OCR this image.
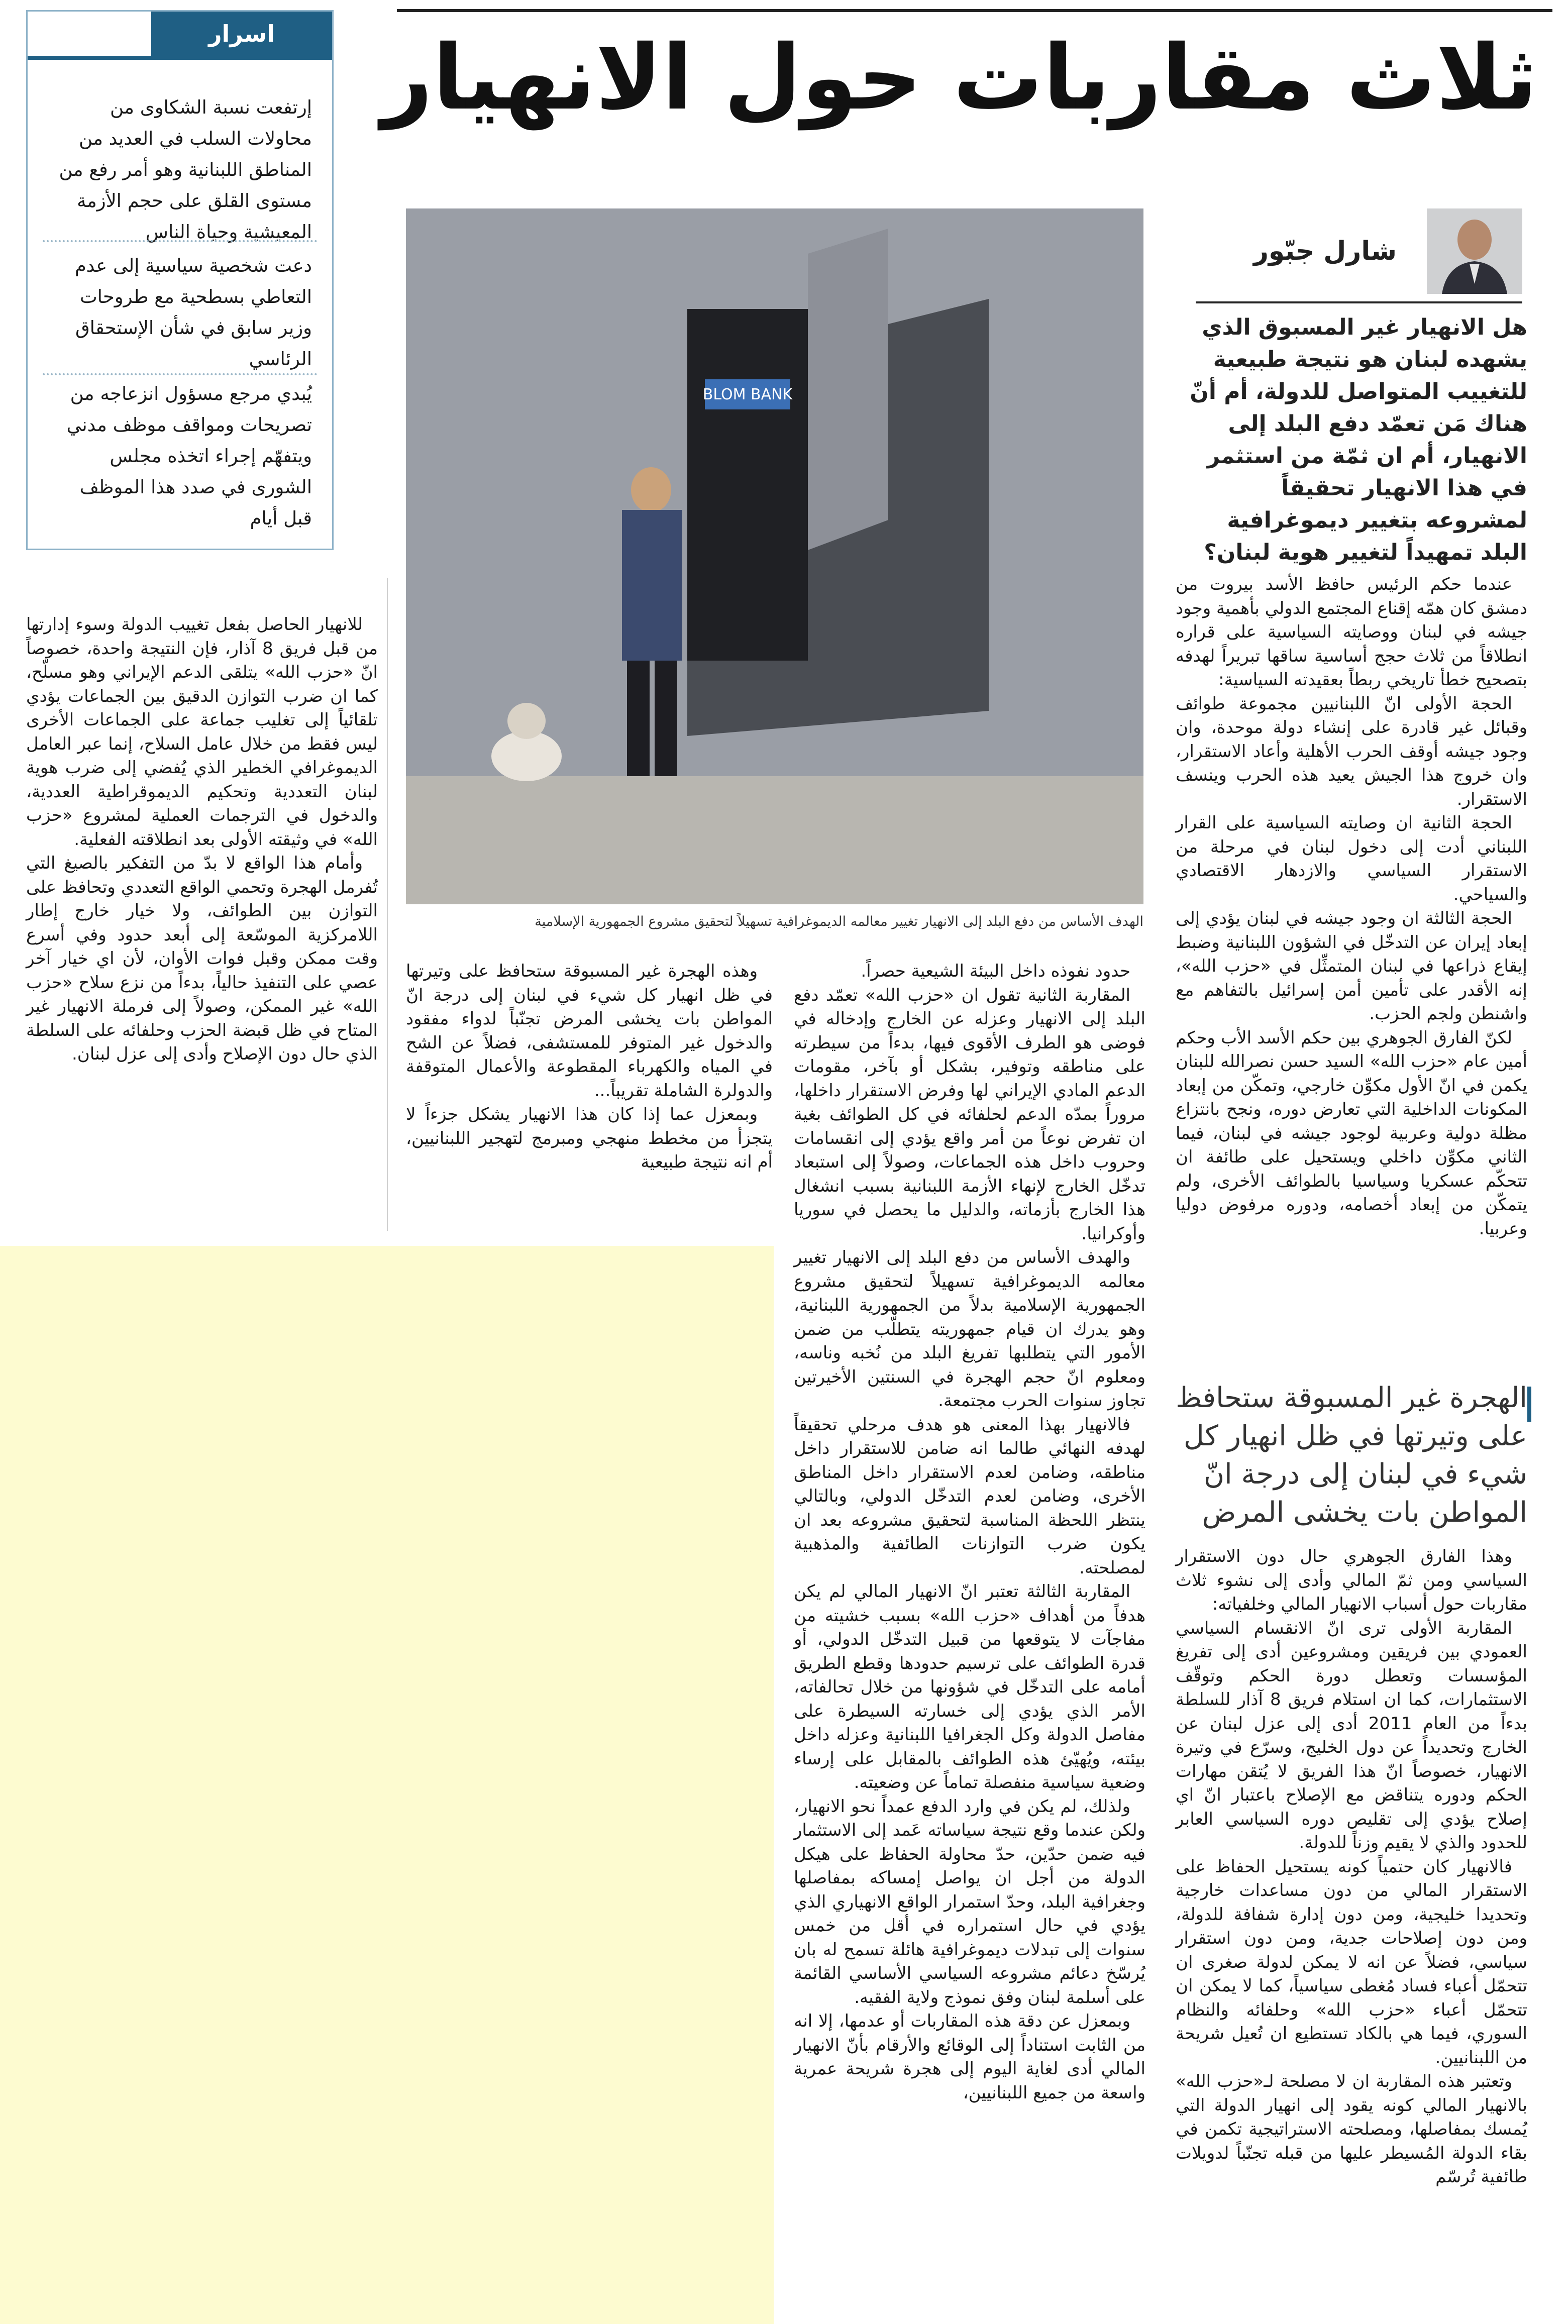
ثلاث مقاربات حول الانهيار
اسرار الجمهورية
إرتفعت نسبة الشكاوى من محاولات السلب في العديد من المناطق اللبنانية وهو أمر رفع من مستوى القلق على حجم الأزمة المعيشية وحياة الناس
دعت شخصية سياسية إلى عدم التعاطي بسطحية مع طروحات وزير سابق في شأن الإستحقاق الرئاسي
يُبدي مرجع مسؤول انزعاجه من تصريحات ومواقف موظف مدني ويتفهّم إجراء اتخذه مجلس الشورى في صدد هذا الموظف قبل أيام
شارل جبّور
هل الانهيار غير المسبوق الذي يشهده لبنان هو نتيجة طبيعية للتغييب المتواصل للدولة، أم أنّ هناك مَن تعمّد دفع البلد إلى الانهيار، أم ان ثمّة من استثمر في هذا الانهيار تحقيقاً لمشروعه بتغيير ديموغرافية البلد تمهيداً لتغيير هوية لبنان؟
BLOM BANK
الهدف الأساس من دفع البلد إلى الانهيار تغيير معالمه الديموغرافية تسهيلاً لتحقيق مشروع الجمهورية الإسلامية

عندما حكم الرئيس حافظ الأسد بيروت من دمشق كان همّه إقناع المجتمع الدولي بأهمية وجود جيشه في لبنان ووصايته السياسية على قراره انطلاقاً من ثلاث حجج أساسية ساقها تبريراً لهدفه بتصحيح خطأ تاريخي ربطاً بعقيدته السياسية:

الحجة الأولى انّ اللبنانيين مجموعة طوائف وقبائل غير قادرة على إنشاء دولة موحدة، وان وجود جيشه أوقف الحرب الأهلية وأعاد الاستقرار، وان خروج هذا الجيش يعيد هذه الحرب وينسف الاستقرار.

الحجة الثانية ان وصايته السياسية على القرار اللبناني أدت إلى دخول لبنان في مرحلة من الاستقرار السياسي والازدهار الاقتصادي والسياحي.

الحجة الثالثة ان وجود جيشه في لبنان يؤدي إلى إبعاد إيران عن التدخّل في الشؤون اللبنانية وضبط إيقاع ذراعها في لبنان المتمثِّل في «حزب الله»، إنه الأقدر على تأمين أمن إسرائيل بالتفاهم مع واشنطن ولجم الحزب.

لكنّ الفارق الجوهري بين حكم الأسد الأب وحكم أمين عام «حزب الله» السيد حسن نصرالله للبنان يكمن في انّ الأول مكوِّن خارجي، وتمكّن من إبعاد المكونات الداخلية التي تعارض دوره، ونجح بانتزاع مظلة دولية وعربية لوجود جيشه في لبنان، فيما الثاني مكوِّن داخلي ويستحيل على طائفة ان تتحكّم عسكريا وسياسيا بالطوائف الأخرى، ولم يتمكّن من إبعاد أخصامه، ودوره مرفوض دوليا وعربيا.

الهجرة غير المسبوقة ستحافظ على وتيرتها في ظل انهيار كل شيء في لبنان إلى درجة انّ المواطن بات يخشى المرض

وهذا الفارق الجوهري حال دون الاستقرار السياسي ومن ثمّ المالي وأدى إلى نشوء ثلاث مقاربات حول أسباب الانهيار المالي وخلفياته:

المقاربة الأولى ترى انّ الانقسام السياسي العمودي بين فريقين ومشروعين أدى إلى تفريغ المؤسسات وتعطل دورة الحكم وتوقّف الاستثمارات، كما ان استلام فريق 8 آذار للسلطة بدءاً من العام 2011 أدى إلى عزل لبنان عن الخارج وتحديداً عن دول الخليج، وسرّع في وتيرة الانهيار، خصوصاً انّ هذا الفريق لا يُتقن مهارات الحكم ودوره يتناقض مع الإصلاح باعتبار انّ اي إصلاح يؤدي إلى تقليص دوره السياسي العابر للحدود والذي لا يقيم وزناً للدولة.

فالانهيار كان حتمياً كونه يستحيل الحفاظ على الاستقرار المالي من دون مساعدات خارجية وتحديدا خليجية، ومن دون إدارة شفافة للدولة، ومن دون إصلاحات جدية، ومن دون استقرار سياسي، فضلاً عن انه لا يمكن لدولة صغرى ان تتحمّل أعباء فساد مُغطى سياسياً، كما لا يمكن ان تتحمّل أعباء «حزب الله» وحلفائه والنظام السوري، فيما هي بالكاد تستطيع ان تُعيل شريحة من اللبنانيين.

وتعتبر هذه المقاربة ان لا مصلحة لـ«حزب الله» بالانهيار المالي كونه يقود إلى انهيار الدولة التي يُمسك بمفاصلها، ومصلحته الاستراتيجية تكمن في بقاء الدولة المُسيطر عليها من قبله تجنّباً لدويلات طائفية تُرسّم

حدود نفوذه داخل البيئة الشيعية حصراً.

المقاربة الثانية تقول ان «حزب الله» تعمّد دفع البلد إلى الانهيار وعزله عن الخارج وإدخاله في فوضى هو الطرف الأقوى فيها، بدءاً من سيطرته على مناطقه وتوفير، بشكل أو بآخر، مقومات الدعم المادي الإيراني لها وفرض الاستقرار داخلها، مروراً بمدّه الدعم لحلفائه في كل الطوائف بغية ان تفرض نوعاً من أمر واقع يؤدي إلى انقسامات وحروب داخل هذه الجماعات، وصولاً إلى استبعاد تدخّل الخارج لإنهاء الأزمة اللبنانية بسبب انشغال هذا الخارج بأزماته، والدليل ما يحصل في سوريا وأوكرانيا.

والهدف الأساس من دفع البلد إلى الانهيار تغيير معالمه الديموغرافية تسهيلاً لتحقيق مشروع الجمهورية الإسلامية بدلاً من الجمهورية اللبنانية، وهو يدرك ان قيام جمهوريته يتطلّب من ضمن الأمور التي يتطلبها تفريغ البلد من نُخبه وناسه، ومعلوم انّ حجم الهجرة في السنتين الأخيرتين تجاوز سنوات الحرب مجتمعة.

فالانهيار بهذا المعنى هو هدف مرحلي تحقيقاً لهدفه النهائي طالما انه ضامن للاستقرار داخل مناطقه، وضامن لعدم الاستقرار داخل المناطق الأخرى، وضامن لعدم التدخّل الدولي، وبالتالي ينتظر اللحظة المناسبة لتحقيق مشروعه بعد ان يكون ضرب التوازنات الطائفية والمذهبية لمصلحته.

المقاربة الثالثة تعتبر انّ الانهيار المالي لم يكن هدفاً من أهداف «حزب الله» بسبب خشيته من مفاجآت لا يتوقعها من قبيل التدخّل الدولي، أو قدرة الطوائف على ترسيم حدودها وقطع الطريق أمامه على التدخّل في شؤونها من خلال تحالفاته، الأمر الذي يؤدي إلى خسارته السيطرة على مفاصل الدولة وكل الجغرافيا اللبنانية وعزله داخل بيئته، ويُهيّئ هذه الطوائف بالمقابل على إرساء وضعية سياسية منفصلة تماماً عن وضعيته.

ولذلك، لم يكن في وارد الدفع عمداً نحو الانهيار، ولكن عندما وقع نتيجة سياساته عَمد إلى الاستثمار فيه ضمن حدّين، حدّ محاولة الحفاظ على هيكل الدولة من أجل ان يواصل إمساكه بمفاصلها وجغرافية البلد، وحدّ استمرار الواقع الانهياري الذي يؤدي في حال استمراره في أقل من خمس سنوات إلى تبدلات ديموغرافية هائلة تسمح له بان يُرسّخ دعائم مشروعه السياسي الأساسي القائمة على أسلمة لبنان وفق نموذج ولاية الفقيه.

وبمعزل عن دقة هذه المقاربات أو عدمها، إلا انه من الثابت استناداً إلى الوقائع والأرقام بأنّ الانهيار المالي أدى لغاية اليوم إلى هجرة شريحة عمرية واسعة من جميع اللبنانيين،

وهذه الهجرة غير المسبوقة ستحافظ على وتيرتها في ظل انهيار كل شيء في لبنان إلى درجة انّ المواطن بات يخشى المرض تجنّباً لدواء مفقود والدخول غير المتوفر للمستشفى، فضلاً عن الشح في المياه والكهرباء المقطوعة والأعمال المتوقفة والدولرة الشاملة تقريباً...

وبمعزل عما إذا كان هذا الانهيار يشكل جزءاً لا يتجزأ من مخطط منهجي ومبرمج لتهجير اللبنانيين، أم انه نتيجة طبيعية

للانهيار الحاصل بفعل تغييب الدولة وسوء إدارتها من قبل فريق 8 آذار، فإن النتيجة واحدة، خصوصاً انّ «حزب الله» يتلقى الدعم الإيراني وهو مسلّح، كما ان ضرب التوازن الدقيق بين الجماعات يؤدي تلقائياً إلى تغليب جماعة على الجماعات الأخرى ليس فقط من خلال عامل السلاح، إنما عبر العامل الديموغرافي الخطير الذي يُفضي إلى ضرب هوية لبنان التعددية وتحكيم الديموقراطية العددية، والدخول في الترجمات العملية لمشروع «حزب الله» في وثيقته الأولى بعد انطلاقته الفعلية.

وأمام هذا الواقع لا بدّ من التفكير بالصيغ التي تُفرمل الهجرة وتحمي الواقع التعددي وتحافظ على التوازن بين الطوائف، ولا خيار خارج إطار اللامركزية الموسّعة إلى أبعد حدود وفي أسرع وقت ممكن وقبل فوات الأوان، لأن اي خيار آخر عصي على التنفيذ حالياً، بدءاً من نزع سلاح «حزب الله» غير الممكن، وصولاً إلى فرملة الانهيار غير المتاح في ظل قبضة الحزب وحلفائه على السلطة الذي حال دون الإصلاح وأدى إلى عزل لبنان.
